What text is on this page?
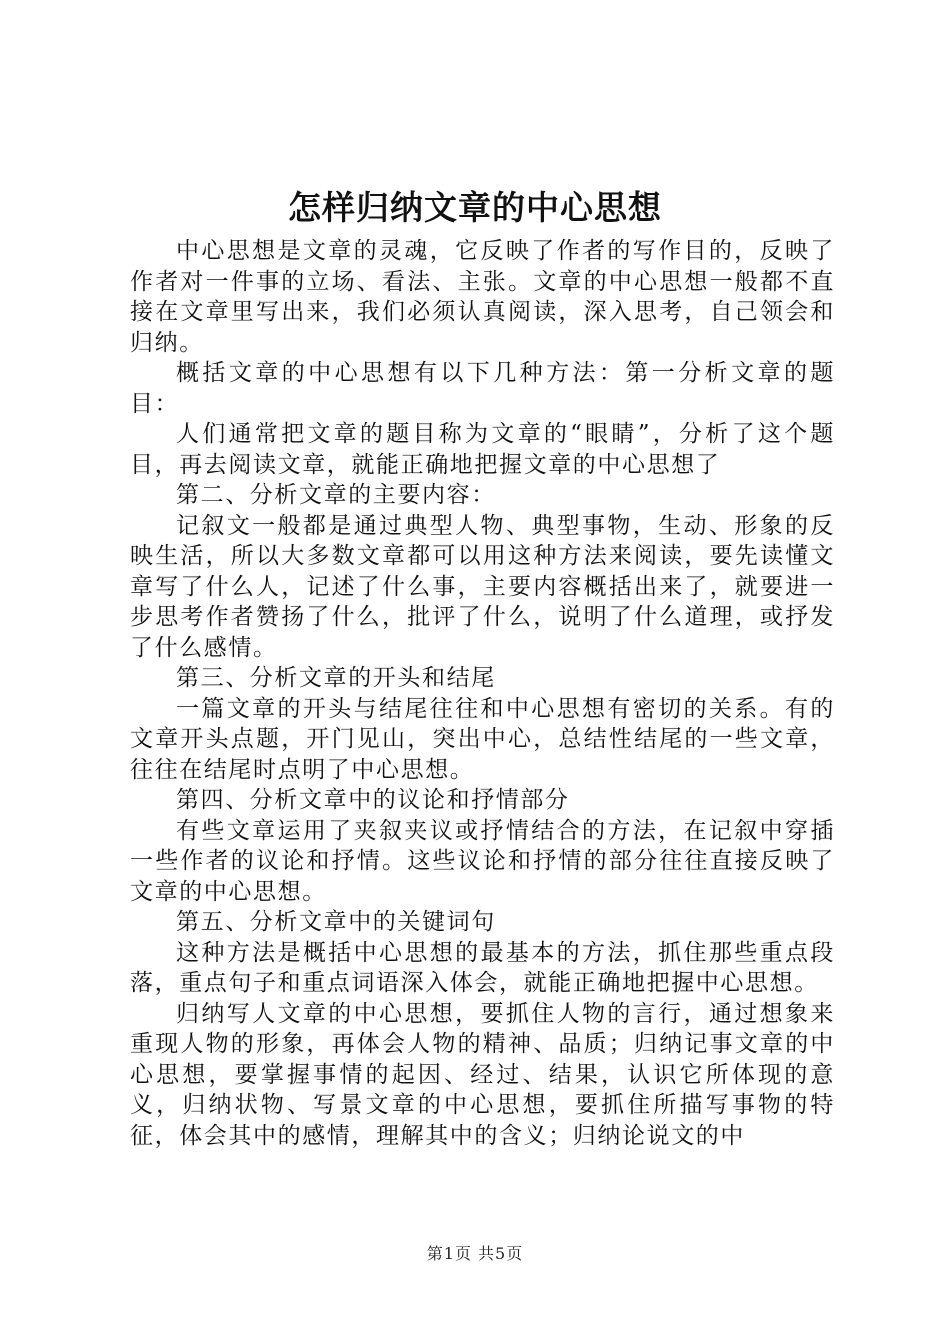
怎样归纳文章的中心思想

中心思想是文章的灵魂，它反映了作者的写作目的，反映了作者对一件事的立场、看法、主张。文章的中心思想一般都不直接在文章里写出来，我们必须认真阅读，深入思考，自己领会和归纳。

概括文章的中心思想有以下几种方法：第一分析文章的题目：

人们通常把文章的题目称为文章的“眼睛”，分析了这个题目，再去阅读文章，就能正确地把握文章的中心思想了

第二、分析文章的主要内容：

记叙文一般都是通过典型人物、典型事物，生动、形象的反映生活，所以大多数文章都可以用这种方法来阅读，要先读懂文章写了什么人，记述了什么事，主要内容概括出来了，就要进一步思考作者赞扬了什么，批评了什么，说明了什么道理，或抒发了什么感情。

第三、分析文章的开头和结尾

一篇文章的开头与结尾往往和中心思想有密切的关系。有的文章开头点题，开门见山，突出中心，总结性结尾的一些文章，往往在结尾时点明了中心思想。

第四、分析文章中的议论和抒情部分

有些文章运用了夹叙夹议或抒情结合的方法，在记叙中穿插一些作者的议论和抒情。这些议论和抒情的部分往往直接反映了文章的中心思想。

第五、分析文章中的关键词句

这种方法是概括中心思想的最基本的方法，抓住那些重点段落，重点句子和重点词语深入体会，就能正确地把握中心思想。

归纳写人文章的中心思想，要抓住人物的言行，通过想象来重现人物的形象，再体会人物的精神、品质；归纳记事文章的中心思想，要掌握事情的起因、经过、结果，认识它所体现的意义，归纳状物、写景文章的中心思想，要抓住所描写事物的特征，体会其中的感情，理解其中的含义；归纳论说文的中

第1页 共5页
